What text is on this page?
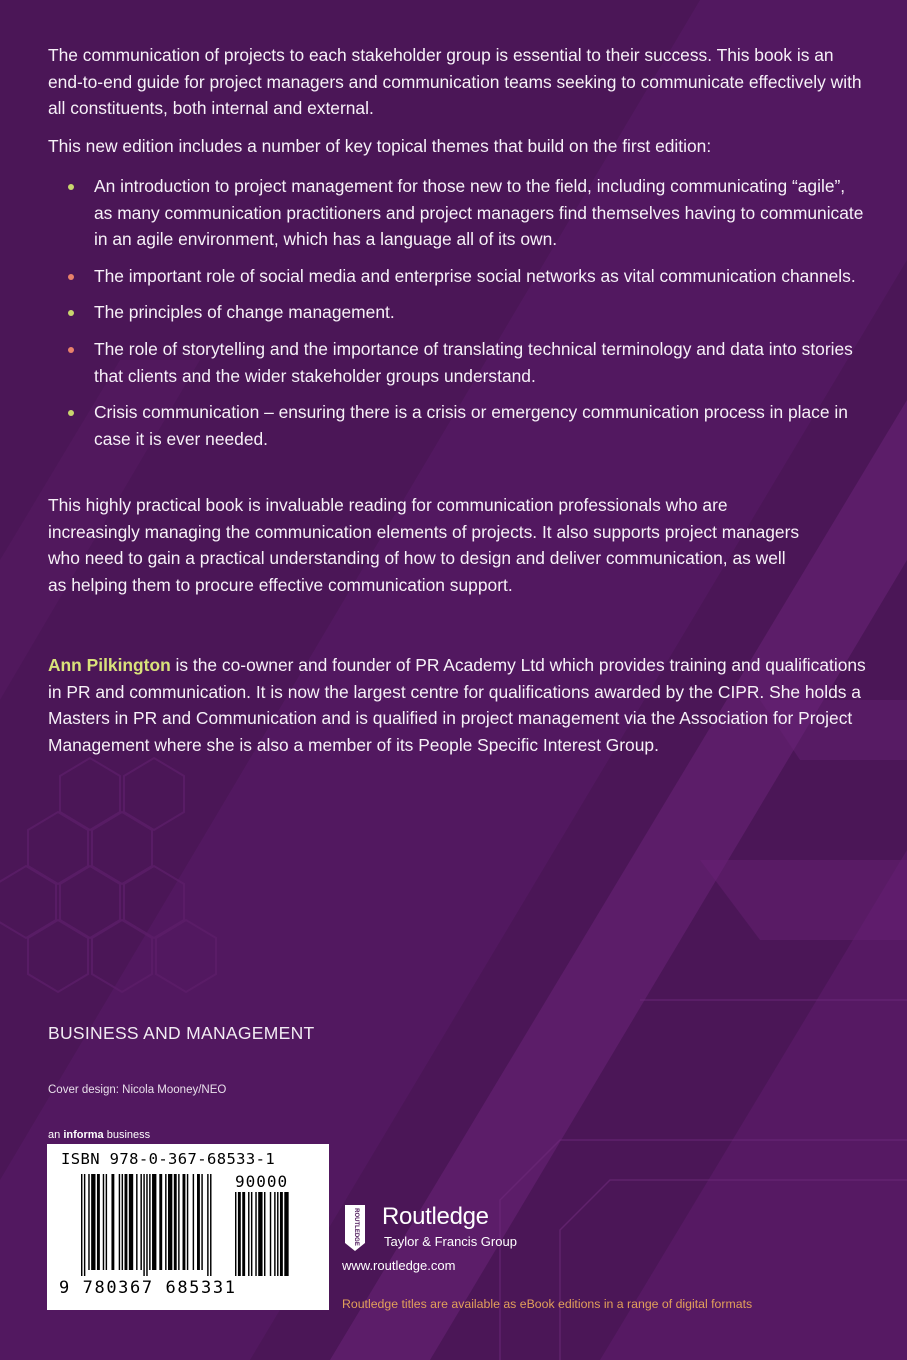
The communication of projects to each stakeholder group is essential to their success. This book is an end-to-end guide for project managers and communication teams seeking to communicate effectively with all constituents, both internal and external.

This new edition includes a number of key topical themes that build on the first edition:

An introduction to project management for those new to the field, including communicating “agile”, as many communication practitioners and project managers find themselves having to communicate in an agile environment, which has a language all of its own.
The important role of social media and enterprise social networks as vital communication channels.
The principles of change management.
The role of storytelling and the importance of translating technical terminology and data into stories that clients and the wider stakeholder groups understand.
Crisis communication – ensuring there is a crisis or emergency communication process in place in case it is ever needed.

This highly practical book is invaluable reading for communication professionals who are increasingly managing the communication elements of projects. It also supports project managers who need to gain a practical understanding of how to design and deliver communication, as well as helping them to procure effective communication support.

Ann Pilkington is the co-owner and founder of PR Academy Ltd which provides training and qualifications in PR and communication. It is now the largest centre for qualifications awarded by the CIPR. She holds a Masters in PR and Communication and is qualified in project management via the Association for Project Management where she is also a member of its People Specific Interest Group.

BUSINESS AND MANAGEMENT
Cover design: Nicola Mooney/NEO
an informa business
ISBN 978-0-367-68533-1
90000
9 780367 685331
ROUTLEDGE Routledge
Taylor & Francis Group
www.routledge.com
Routledge titles are available as eBook editions in a range of digital formats
